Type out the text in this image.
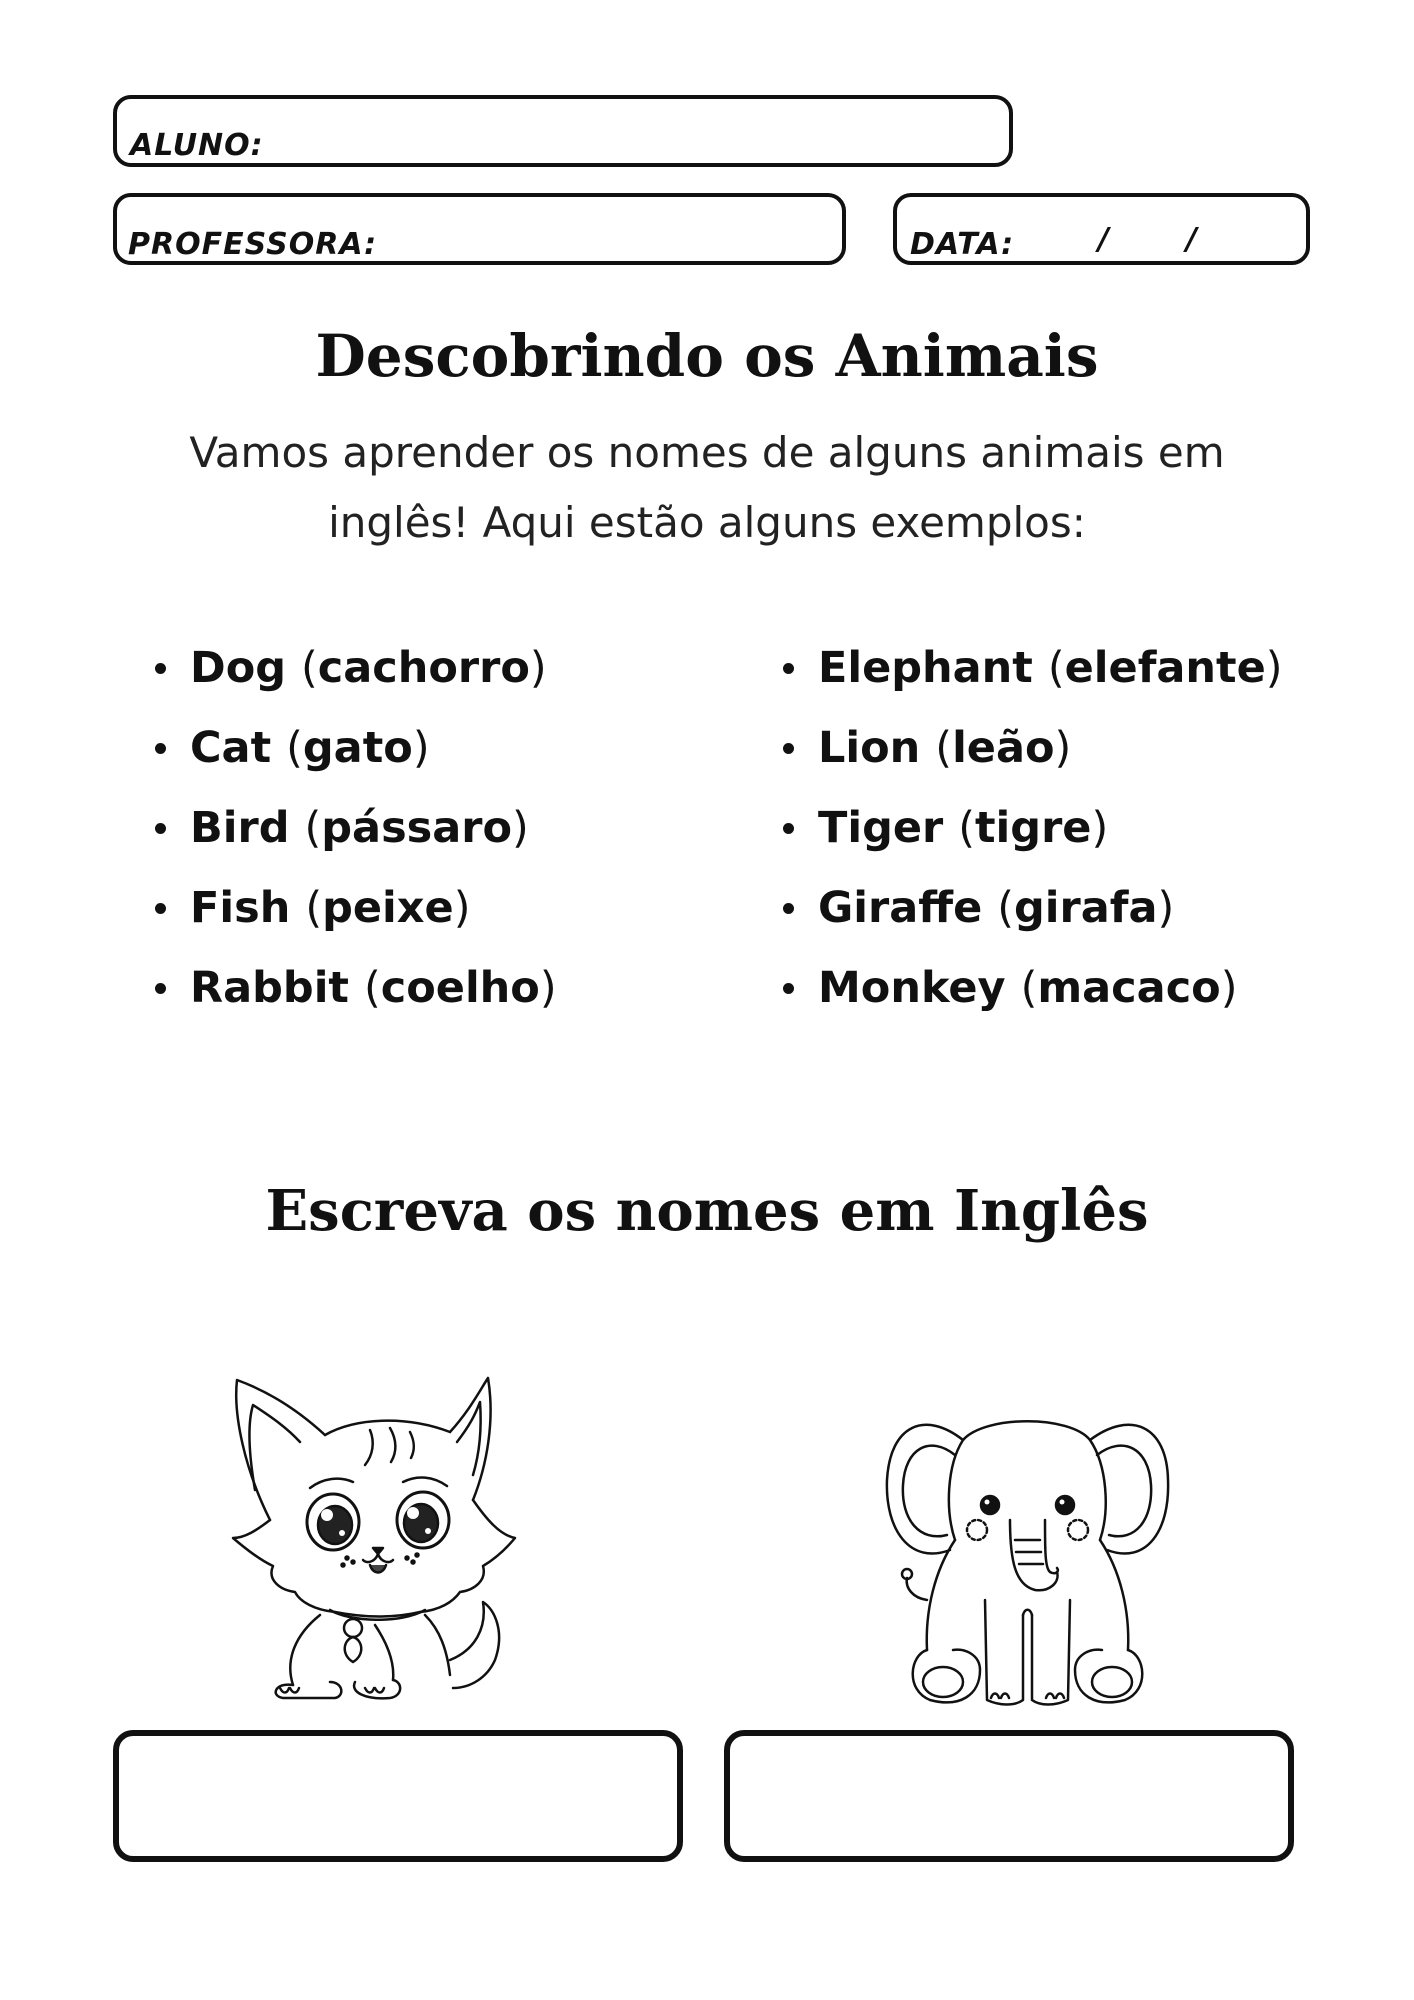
ALUNO:
PROFESSORA:	DATA:	/	/
Descobrindo os Animais
Vamos aprender os nomes de alguns animais em
inglês! Aqui estão alguns exemplos:
Dog
( cachorro )
Cat
( gato )
Bird
( pássaro )
Fish
( peixe )
Rabbit
( coelho )
Elephant
( elefante )
Lion
( leão )
Tiger
( tigre )
Giraffe
( girafa )
Monkey
( macaco )
Escreva os nomes em Inglês
